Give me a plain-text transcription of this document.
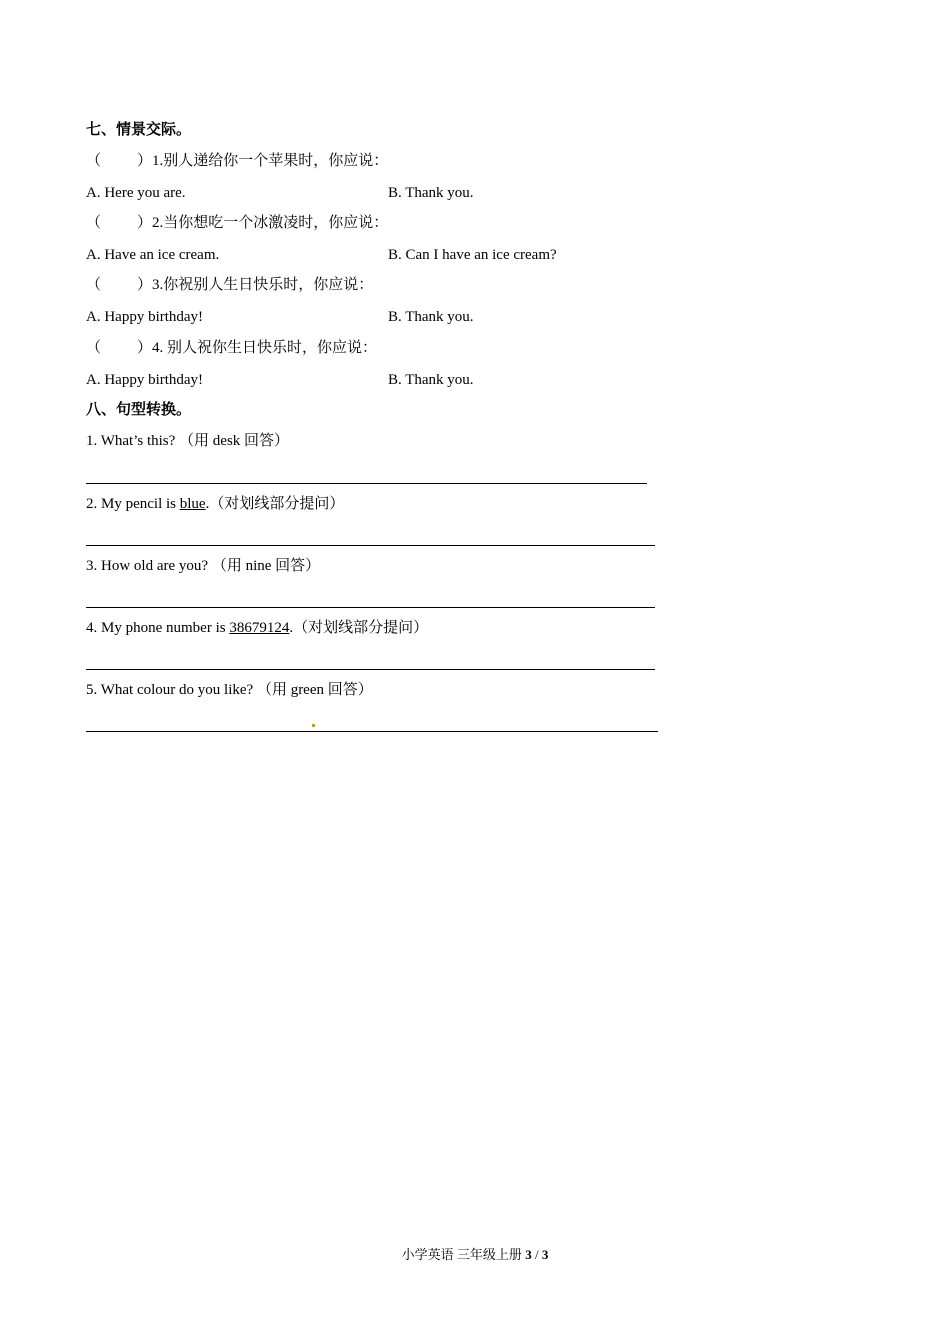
七、情景交际。
（ ）1.别人递给你一个苹果时，你应说：
A. Here you are.	B. Thank you.
（ ）2.当你想吃一个冰激凌时，你应说：
A. Have an ice cream.	B. Can I have an ice cream?
（ ）3.你祝别人生日快乐时，你应说：
A. Happy birthday!	B. Thank you.
（ ）4. 别人祝你生日快乐时，你应说：
A. Happy birthday!	B. Thank you.
八、句型转换。
1. What’s this? （用 desk 回答）
2. My pencil is blue.（对划线部分提问）
3. How old are you? （用 nine 回答）
4. My phone number is 38679124.（对划线部分提问）
5. What colour do you like? （用 green 回答）
小学英语 三年级上册 3 / 3
